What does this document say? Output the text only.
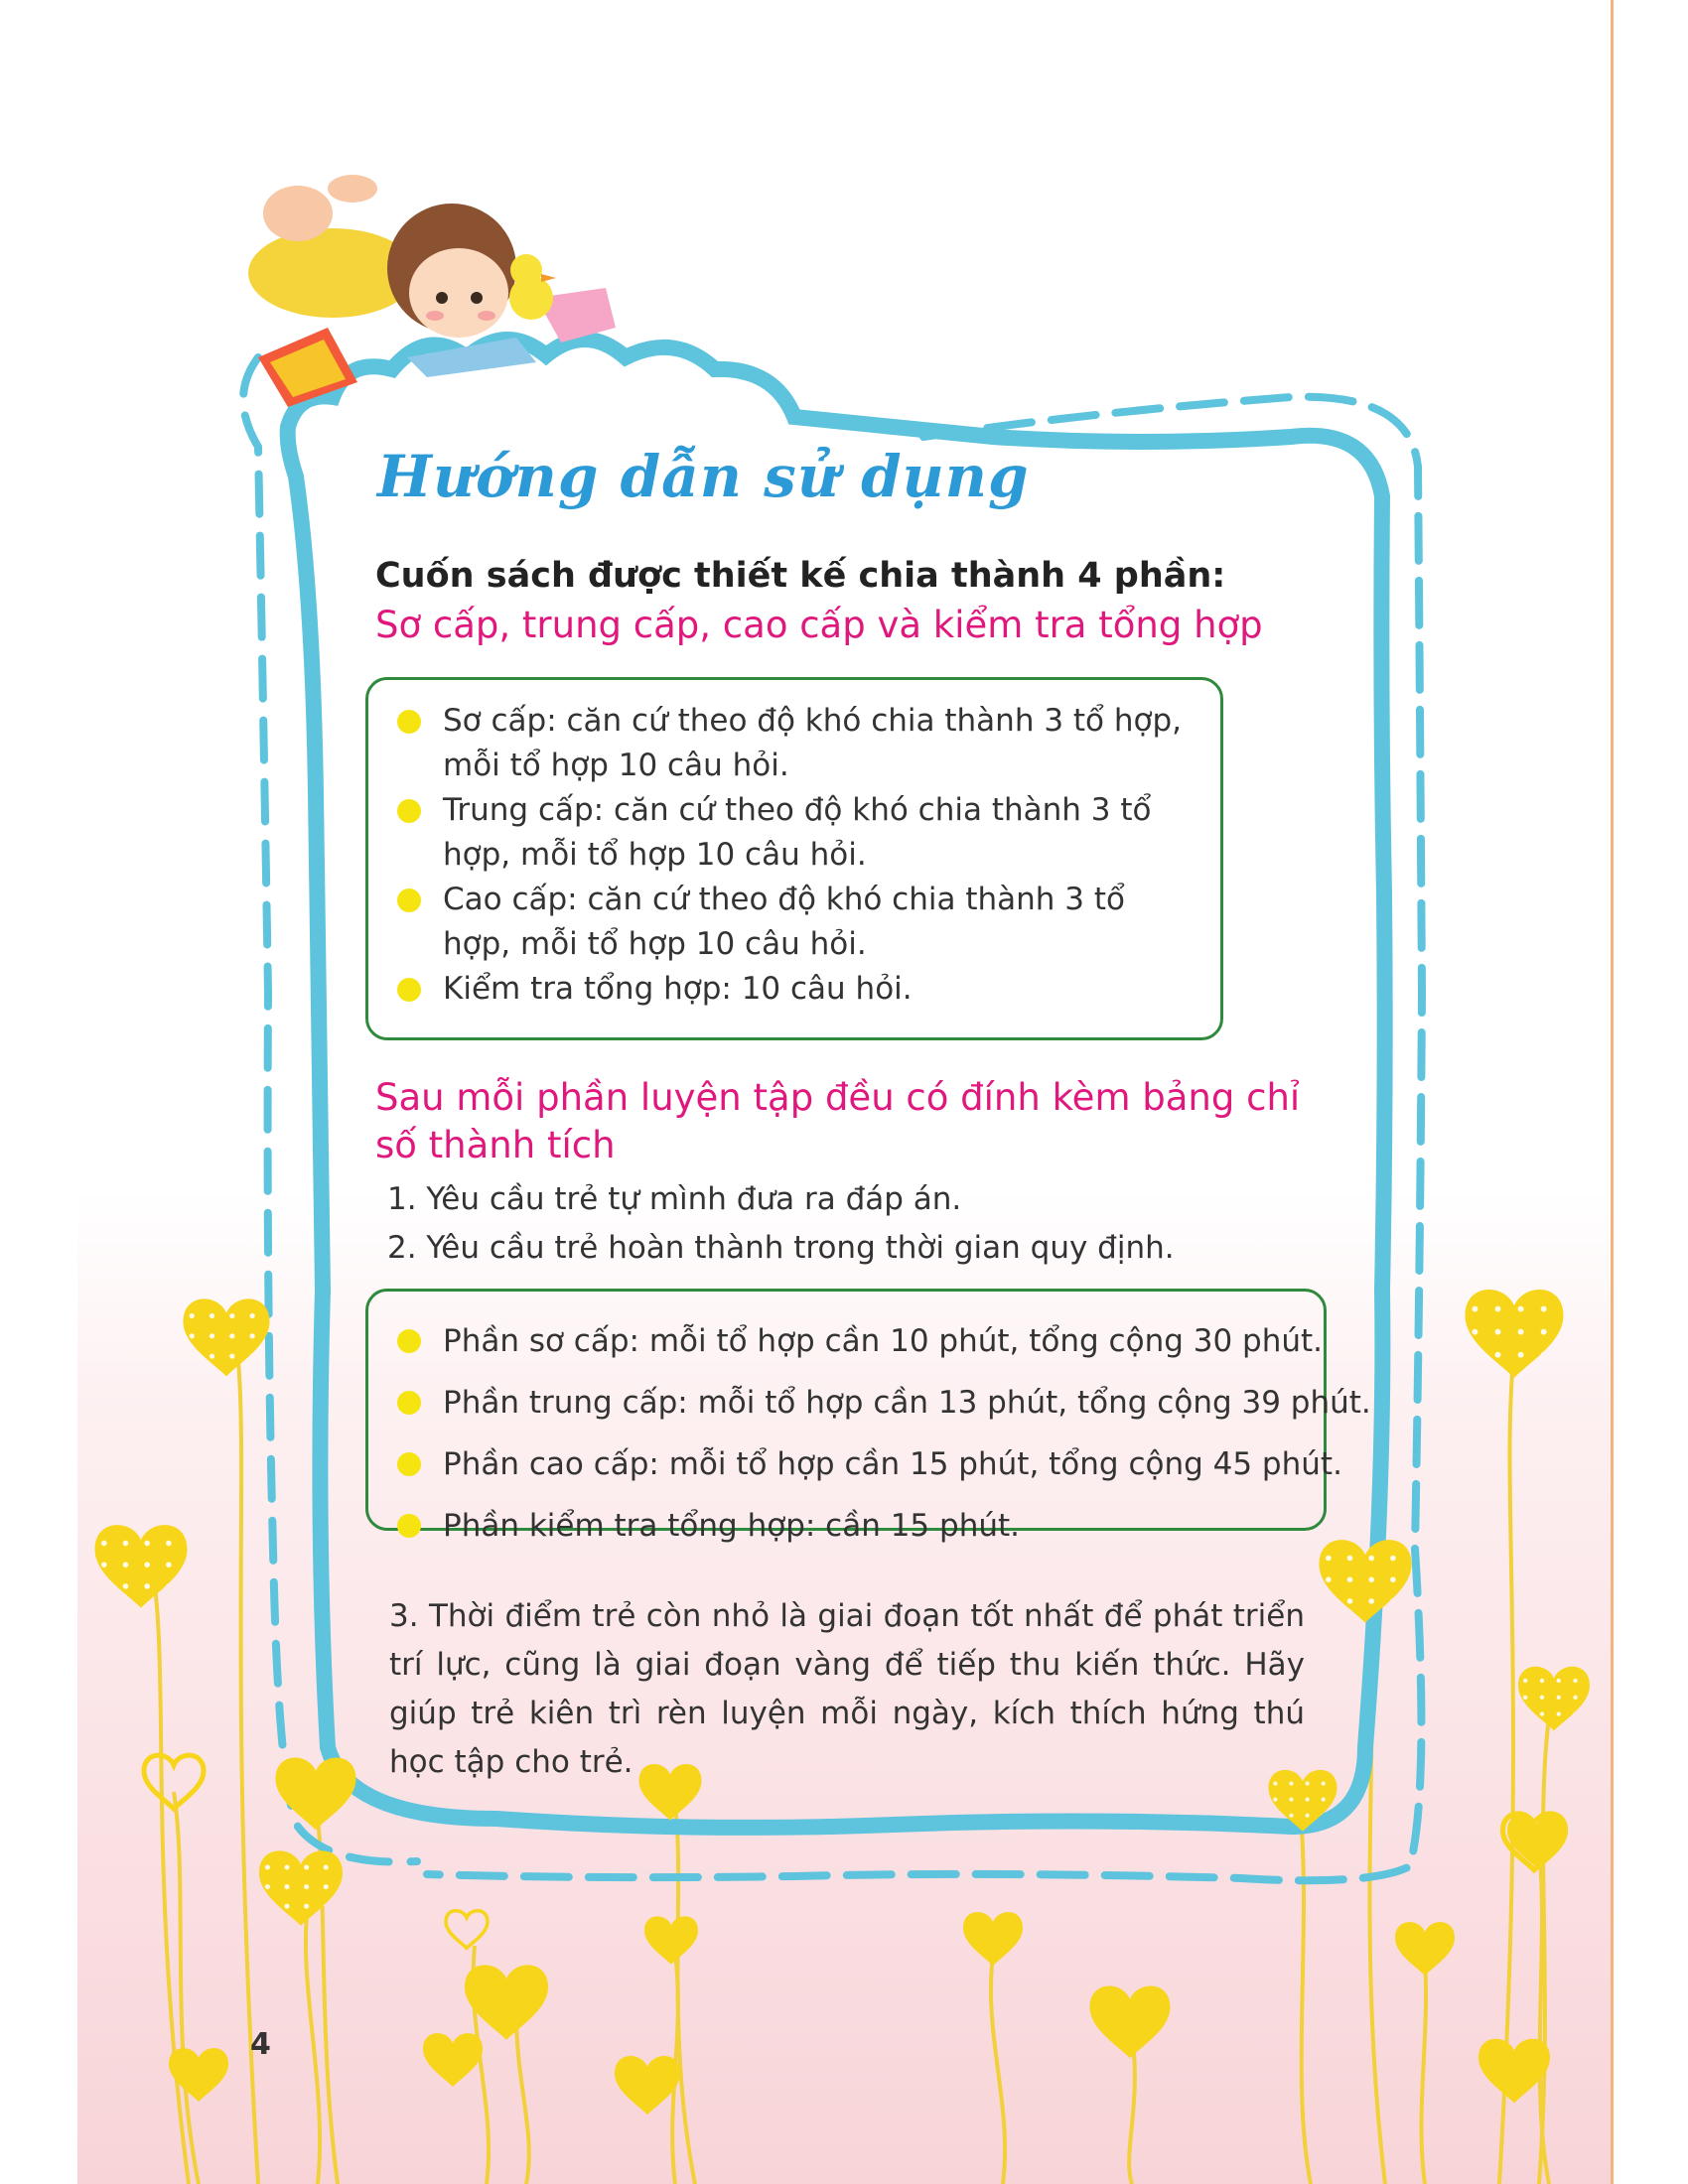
Hướng dẫn sử dụng
Cuốn sách được thiết kế chia thành 4 phần:
Sơ cấp, trung cấp, cao cấp và kiểm tra tổng hợp
Sơ cấp: căn cứ theo độ khó chia thành 3 tổ hợp, mỗi tổ hợp 10 câu hỏi.
Trung cấp: căn cứ theo độ khó chia thành 3 tổ hợp, mỗi tổ hợp 10 câu hỏi.
Cao cấp: căn cứ theo độ khó chia thành 3 tổ hợp, mỗi tổ hợp 10 câu hỏi.
Kiểm tra tổng hợp: 10 câu hỏi.
Sau mỗi phần luyện tập đều có đính kèm bảng chỉ số thành tích
1. Yêu cầu trẻ tự mình đưa ra đáp án.
2. Yêu cầu trẻ hoàn thành trong thời gian quy định.
Phần sơ cấp: mỗi tổ hợp cần 10 phút, tổng cộng 30 phút.
Phần trung cấp: mỗi tổ hợp cần 13 phút, tổng cộng 39 phút.
Phần cao cấp: mỗi tổ hợp cần 15 phút, tổng cộng 45 phút.
Phần kiểm tra tổng hợp: cần 15 phút.
3. Thời điểm trẻ còn nhỏ là giai đoạn tốt nhất để phát triển trí lực, cũng là giai đoạn vàng để tiếp thu kiến thức. Hãy giúp trẻ kiên trì rèn luyện mỗi ngày, kích thích hứng thú học tập cho trẻ.
4
